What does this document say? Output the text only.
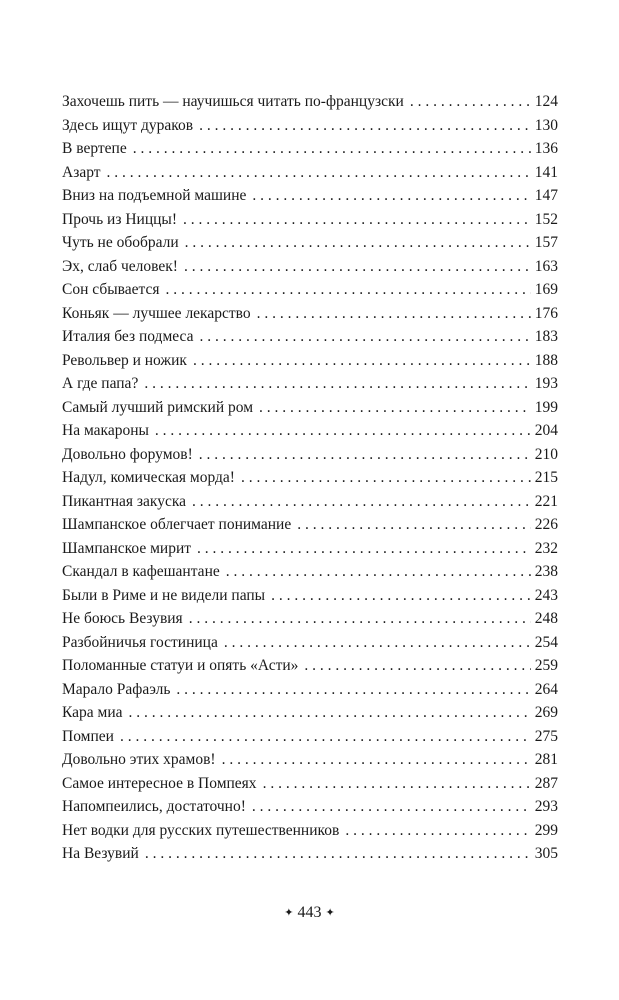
Захочешь пить — научишься читать по-французски . . .	124
Здесь ищут дураков . . .	130
В вертепе . . .	136
Азарт . . .	141
Вниз на подъемной машине . . .	147
Прочь из Ниццы! . . .	152
Чуть не обобрали . . .	157
Эх, слаб человек! . . .	163
Сон сбывается . . .	169
Коньяк — лучшее лекарство . . .	176
Италия без подмеса . . .	183
Револьвер и ножик . . .	188
А где папа? . . .	193
Самый лучший римский ром . . .	199
На макароны . . .	204
Довольно форумов! . . .	210
Надул, комическая морда! . . .	215
Пикантная закуска . . .	221
Шампанское облегчает понимание . . .	226
Шампанское мирит . . .	232
Скандал в кафешантане . . .	238
Были в Риме и не видели папы . . .	243
Не боюсь Везувия . . .	248
Разбойничья гостиница . . .	254
Поломанные статуи и опять «Асти» . . .	259
Марало Рафаэль . . .	264
Кара миа . . .	269
Помпеи . . .	275
Довольно этих храмов! . . .	281
Самое интересное в Помпеях . . .	287
Напомпеились, достаточно! . . .	293
Нет водки для русских путешественников . . .	299
На Везувий . . .	305
✦ 443 ✦
